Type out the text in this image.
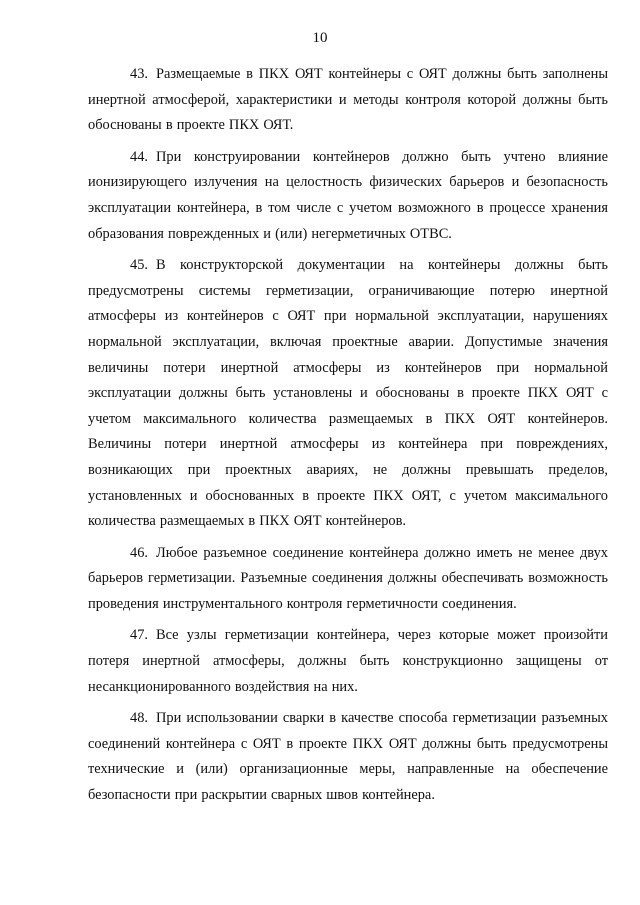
10

43. Размещаемые в ПКХ ОЯТ контейнеры с ОЯТ должны быть заполнены инертной атмосферой, характеристики и методы контроля которой должны быть обоснованы в проекте ПКХ ОЯТ.

44. При конструировании контейнеров должно быть учтено влияние ионизирующего излучения на целостность физических барьеров и безопасность эксплуатации контейнера, в том числе с учетом возможного в процессе хранения образования поврежденных и (или) негерметичных ОТВС.

45. В конструкторской документации на контейнеры должны быть предусмотрены системы герметизации, ограничивающие потерю инертной атмосферы из контейнеров с ОЯТ при нормальной эксплуатации, нарушениях нормальной эксплуатации, включая проектные аварии. Допустимые значения величины потери инертной атмосферы из контейнеров при нормальной эксплуатации должны быть установлены и обоснованы в проекте ПКХ ОЯТ с учетом максимального количества размещаемых в ПКХ ОЯТ контейнеров. Величины потери инертной атмосферы из контейнера при повреждениях, возникающих при проектных авариях, не должны превышать пределов, установленных и обоснованных в проекте ПКХ ОЯТ, с учетом максимального количества размещаемых в ПКХ ОЯТ контейнеров.

46. Любое разъемное соединение контейнера должно иметь не менее двух барьеров герметизации. Разъемные соединения должны обеспечивать возможность проведения инструментального контроля герметичности соединения.

47. Все узлы герметизации контейнера, через которые может произойти потеря инертной атмосферы, должны быть конструкционно защищены от несанкционированного воздействия на них.

48. При использовании сварки в качестве способа герметизации разъемных соединений контейнера с ОЯТ в проекте ПКХ ОЯТ должны быть предусмотрены технические и (или) организационные меры, направленные на обеспечение безопасности при раскрытии сварных швов контейнера.
